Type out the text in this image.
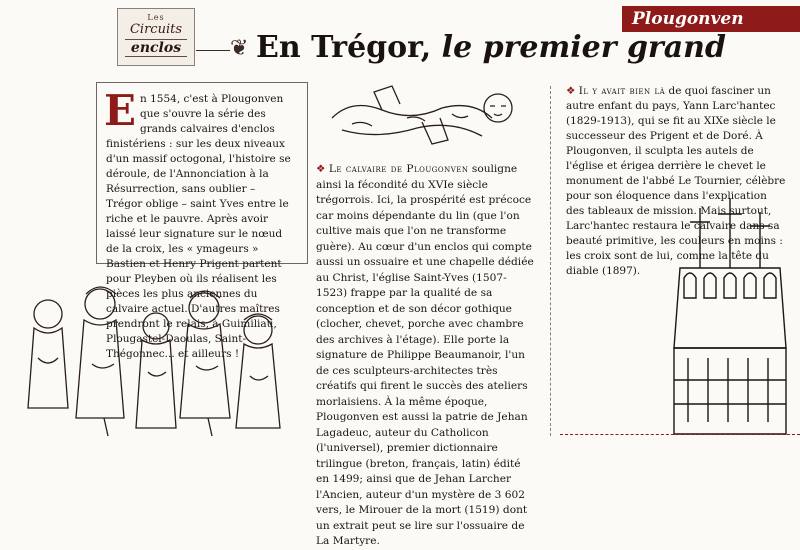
Les
Circuits
enclos
Plougonven
❦ En Trégor, le premier grand
En 1554, c'est à Plougonven que s'ouvre la série des grands calvaires d'enclos finistériens : sur les deux niveaux d'un massif octogonal, l'histoire se déroule, de l'Annonciation à la Résurrection, sans oublier – Trégor oblige – saint Yves entre le riche et le pauvre. Après avoir laissé leur signature sur le nœud de la croix, les « ymageurs » Bastien et Henry Prigent partent pour Pleyben où ils réalisent les pièces les plus anciennes du calvaire actuel. D'autres maîtres prendront le relais, à Guimiliau, Plougastel-Daoulas, Saint-Thégonnec... et ailleurs !
❖ Le calvaire de Plougonven souligne ainsi la fécondité du XVIe siècle trégorrois. Ici, la prospérité est précoce car moins dépendante du lin (que l'on cultive mais que l'on ne transforme guère). Au cœur d'un enclos qui compte aussi un ossuaire et une chapelle dédiée au Christ, l'église Saint-Yves (1507-1523) frappe par la qualité de sa conception et de son décor gothique (clocher, chevet, porche avec chambre des archives à l'étage). Elle porte la signature de Philippe Beaumanoir, l'un de ces sculpteurs-architectes très créatifs qui firent le succès des ateliers morlaisiens. À la même époque, Plougonven est aussi la patrie de Jehan Lagadeuc, auteur du Catholicon (l'universel), premier dictionnaire trilingue (breton, français, latin) édité en 1499; ainsi que de Jehan Larcher l'Ancien, auteur d'un mystère de 3 602 vers, le Mirouer de la mort (1519) dont un extrait peut se lire sur l'ossuaire de La Martyre.
❖ Il y avait bien là de quoi fasciner un autre enfant du pays, Yann Larc'hantec (1829-1913), qui se fit au XIXe siècle le successeur des Prigent et de Doré. À Plougonven, il sculpta les autels de l'église et érigea derrière le chevet le monument de l'abbé Le Tournier, célèbre pour son éloquence dans l'explication des tableaux de mission. Mais surtout, Larc'hantec restaura le calvaire dans sa beauté primitive, les couleurs en moins : les croix sont de lui, comme la tête du diable (1897).
